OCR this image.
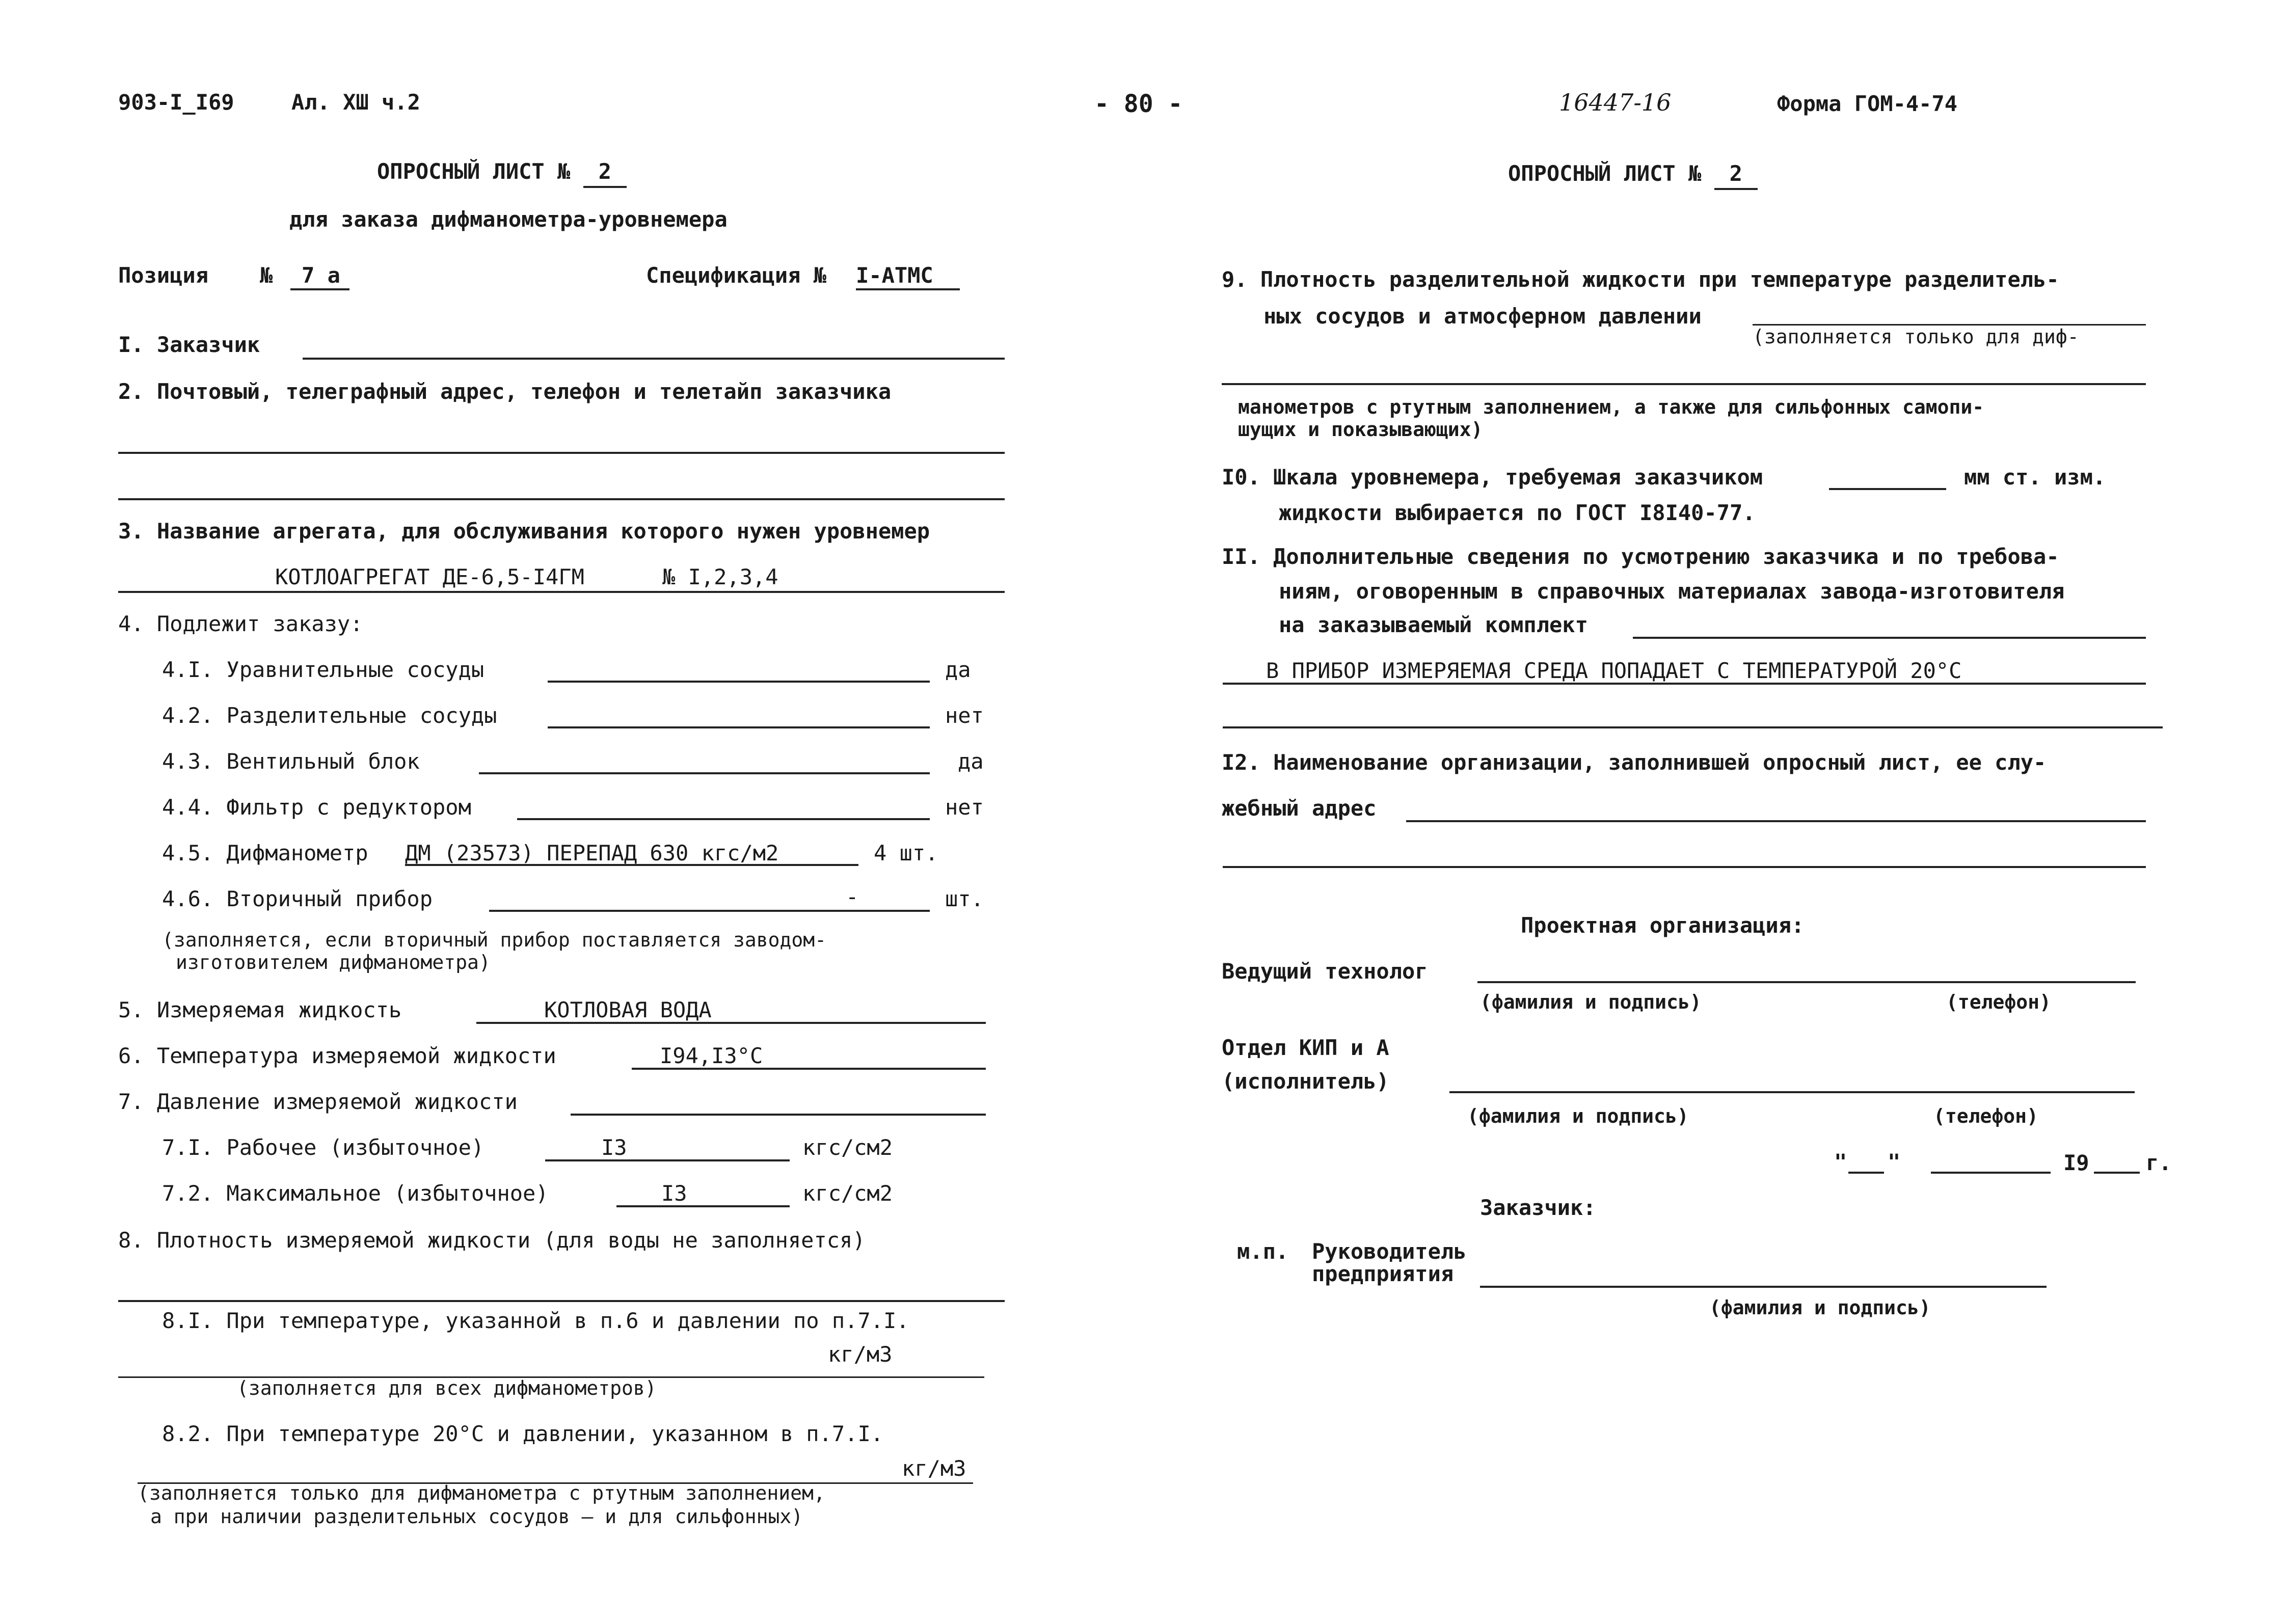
903-I_I69	Ал. XШ ч.2	- 80 -	16447-16	Форма ГОМ-4-74
ОПРОСНЫЙ ЛИСТ № 2
для заказа дифманометра-уровнемера
Позиция №	7 а	Спецификация № I-АТМС
I. Заказчик
2. Почтовый, телеграфный адрес, телефон и телетайп заказчика
3. Название агрегата, для обслуживания которого нужен уровнемер
КОТЛОАГРЕГАТ ДЕ-6,5-I4ГМ	№ I,2,3,4
4. Подлежит заказу:
4.I. Уравнительные сосуды	да
4.2. Разделительные сосуды	нет
4.3. Вентильный блок	да
4.4. Фильтр с редуктором	нет
4.5. Дифманометр ДМ (23573) ПЕРЕПАД 630 кгс/м2	4 шт.
4.6. Вторичный прибор	-	шт.
(заполняется, если вторичный прибор поставляется заводом-
изготовителем дифманометра)
5. Измеряемая жидкость	КОТЛОВАЯ ВОДА
6. Температура измеряемой жидкости	I94,I3°С
7. Давление измеряемой жидкости
7.I. Рабочее (избыточное)	I3	кгс/см2
7.2. Максимальное (избыточное)	I3	кгс/см2
8. Плотность измеряемой жидкости (для воды не заполняется)
8.I. При температуре, указанной в п.6 и давлении по п.7.I.
кг/м3
(заполняется для всех дифманометров)
8.2. При температуре 20°С и давлении, указанном в п.7.I.
кг/м3
(заполняется только для дифманометра с ртутным заполнением,
а при наличии разделительных сосудов — и для сильфонных)
ОПРОСНЫЙ ЛИСТ № 2
9. Плотность разделительной жидкости при температуре разделитель-
ных сосудов и атмосферном давлении
(заполняется только для диф-
манометров с ртутным заполнением, а также для сильфонных самопи-
шущих и показывающих)
I0. Шкала уровнемера, требуемая заказчиком	мм ст. изм.
жидкости выбирается по ГОСТ I8I40-77.
II. Дополнительные сведения по усмотрению заказчика и по требова-
ниям, оговоренным в справочных материалах завода-изготовителя
на заказываемый комплект
В ПРИБОР ИЗМЕРЯЕМАЯ СРЕДА ПОПАДАЕТ С ТЕМПЕРАТУРОЙ 20°С
I2. Наименование организации, заполнившей опросный лист, ее слу-
жебный адрес
Проектная организация:
Ведущий технолог
(фамилия и подпись)	(телефон)
Отдел КИП и А
(исполнитель)
(фамилия и подпись)	(телефон)
" "	I9	г.
Заказчик:
м.п. Руководитель
предприятия
(фамилия и подпись)
